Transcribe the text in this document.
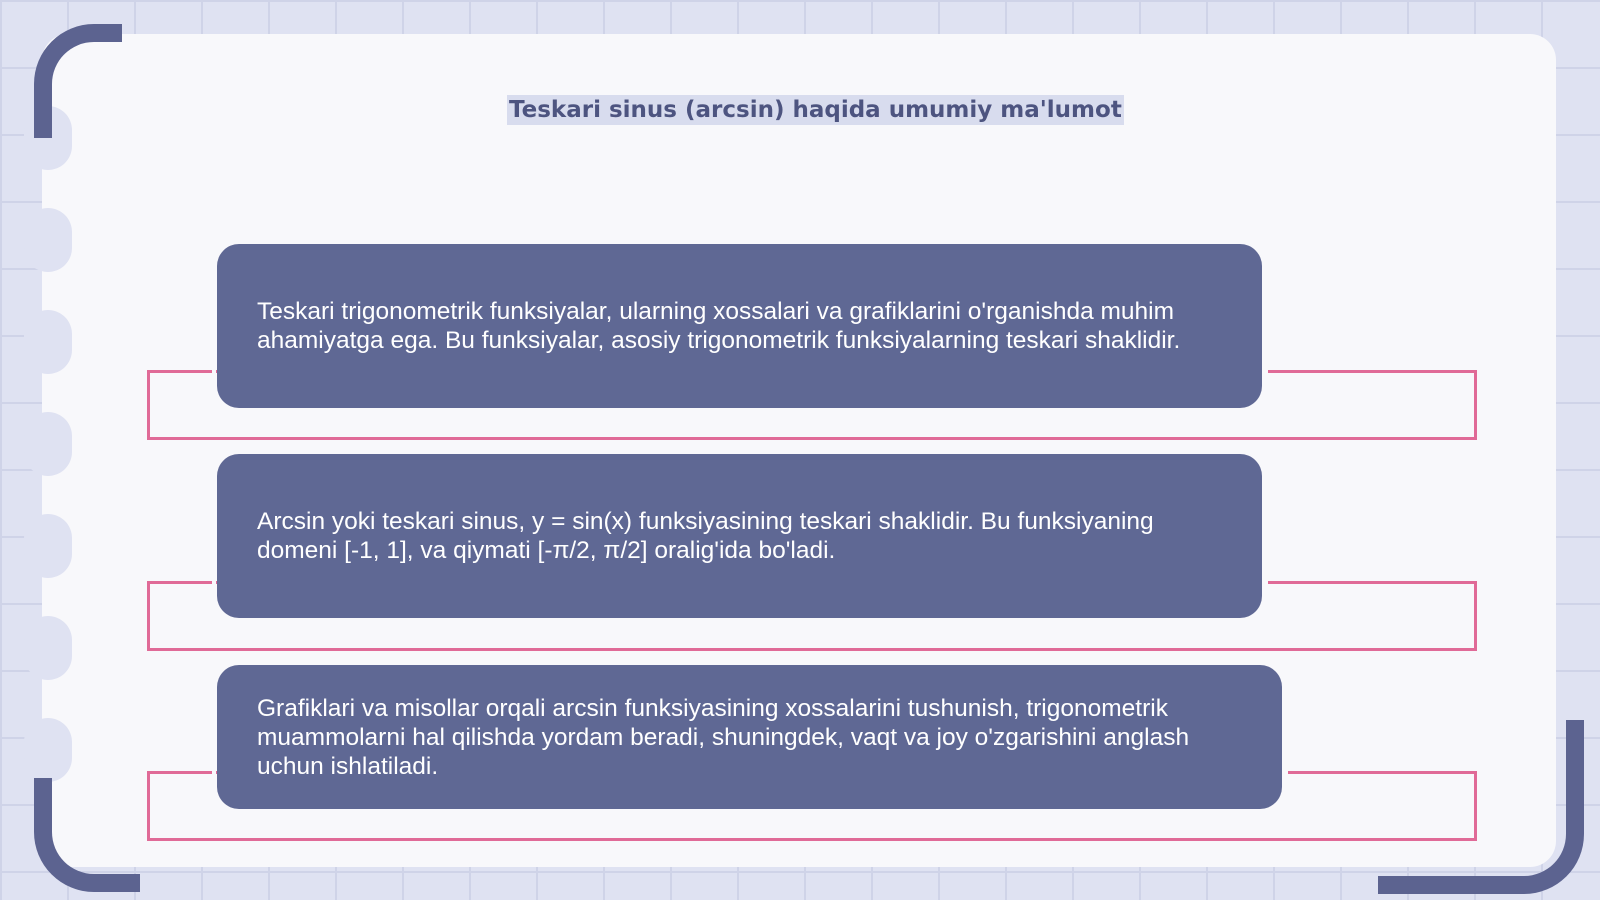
Teskari sinus (arcsin) haqida umumiy ma'lumot
Teskari trigonometrik funksiyalar, ularning xossalari va grafiklarini o'rganishda muhim ahamiyatga ega. Bu funksiyalar, asosiy trigonometrik funksiyalarning teskari shaklidir.
Arcsin yoki teskari sinus, y = sin(x) funksiyasining teskari shaklidir. Bu funksiyaning domeni [-1, 1], va qiymati [-π/2, π/2] oralig'ida bo'ladi.
Grafiklari va misollar orqali arcsin funksiyasining xossalarini tushunish, trigonometrik muammolarni hal qilishda yordam beradi, shuningdek, vaqt va joy o'zgarishini anglash uchun ishlatiladi.
